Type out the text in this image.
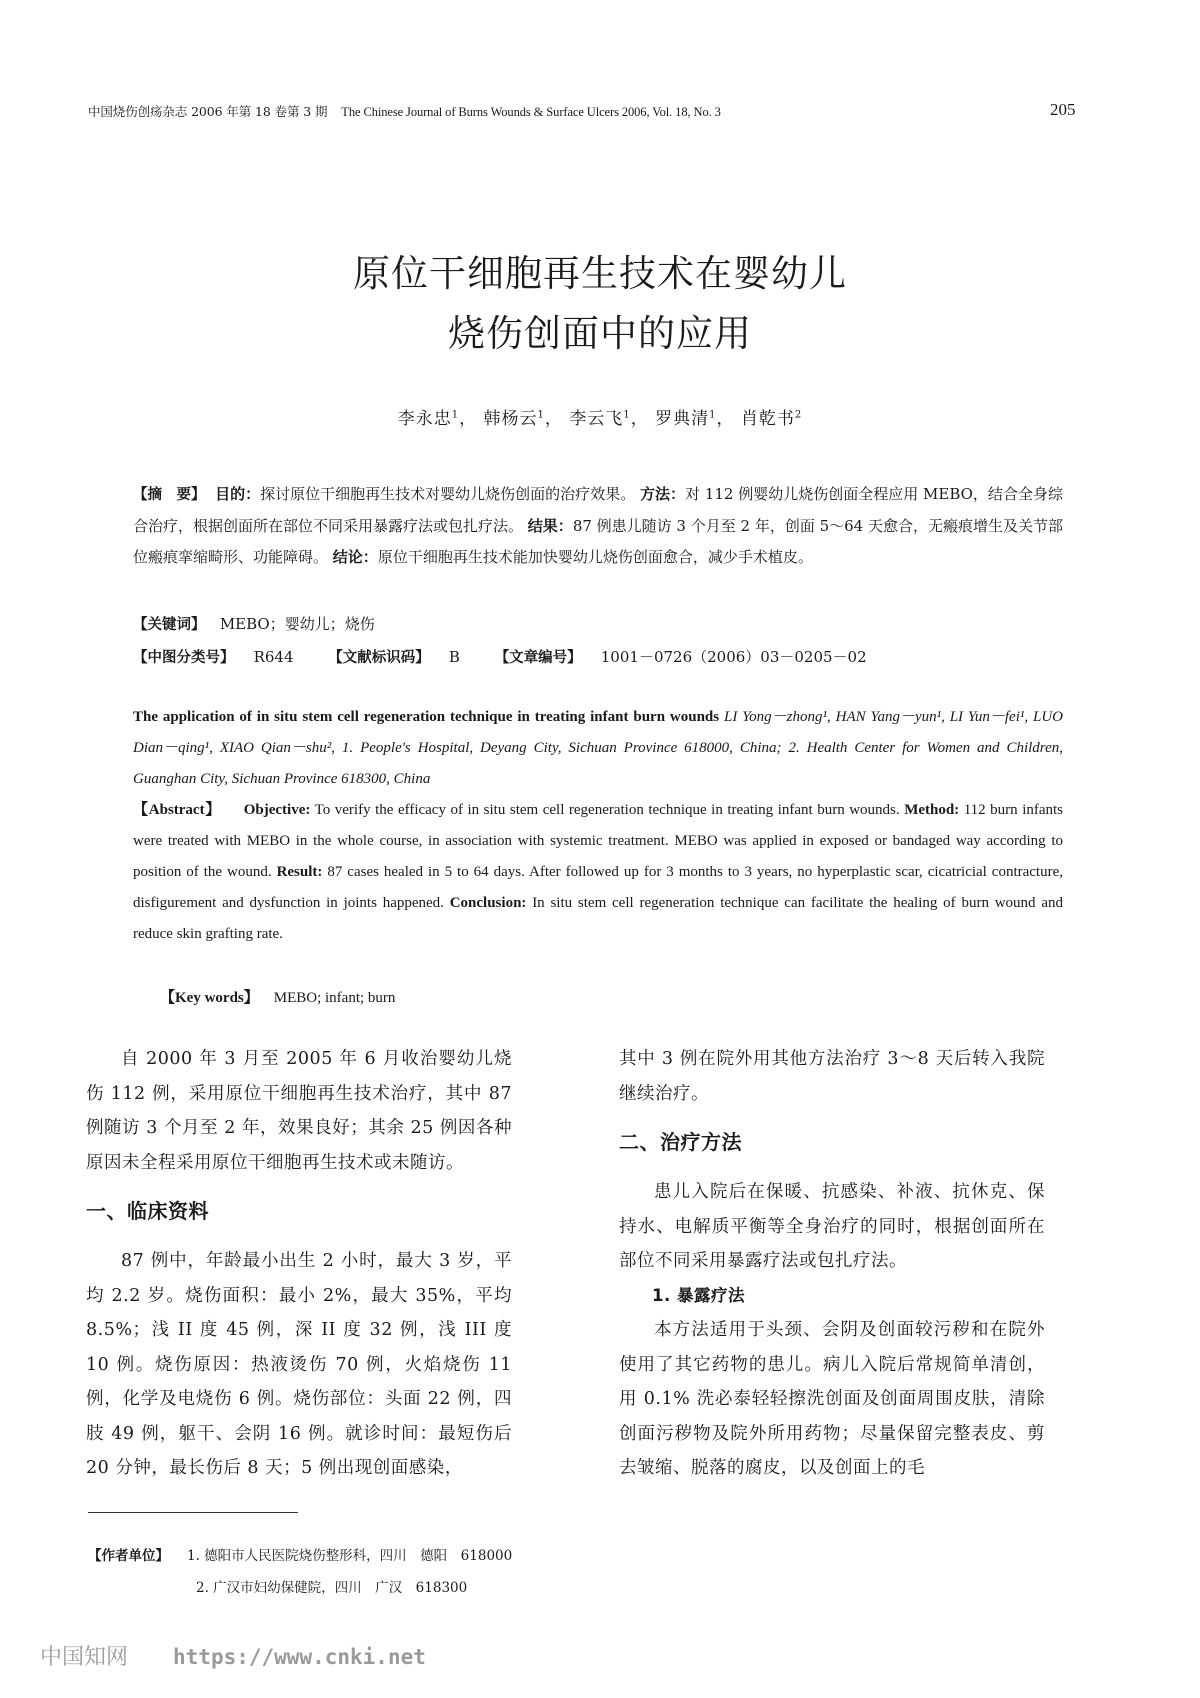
中国烧伤创疡杂志 2006 年第 18 卷第 3 期 The Chinese Journal of Burns Wounds & Surface Ulcers 2006, Vol. 18, No. 3	205
原位干细胞再生技术在婴幼儿
烧伤创面中的应用
李永忠$^1$， 韩杨云$^1$， 李云飞$^1$， 罗典清$^1$， 肖乾书$^2$
【摘　要】 目的：探讨原位干细胞再生技术对婴幼儿烧伤创面的治疗效果。 方法：对 112 例婴幼儿烧伤创面全程应用 MEBO，结合全身综合治疗，根据创面所在部位不同采用暴露疗法或包扎疗法。 结果：87 例患儿随访 3 个月至 2 年，创面 5～64 天愈合，无瘢痕增生及关节部位瘢痕挛缩畸形、功能障碍。 结论：原位干细胞再生技术能加快婴幼儿烧伤创面愈合，减少手术植皮。
【关键词】 MEBO；婴幼儿；烧伤
【中图分类号】 R644 【文献标识码】 B 【文章编号】 1001－0726（2006）03－0205－02
The application of in situ stem cell regeneration technique in treating infant burn wounds LI Yong－zhong¹, HAN Yang－yun¹, LI Yun－fei¹, LUO Dian－qing¹, XIAO Qian－shu², 1. People's Hospital, Deyang City, Sichuan Province 618000, China; 2. Health Center for Women and Children, Guanghan City, Sichuan Province 618300, China
【Abstract】 Objective: To verify the efficacy of in situ stem cell regeneration technique in treating infant burn wounds. Method: 112 burn infants were treated with MEBO in the whole course, in association with systemic treatment. MEBO was applied in exposed or bandaged way according to position of the wound. Result: 87 cases healed in 5 to 64 days. After followed up for 3 months to 3 years, no hyperplastic scar, cicatricial contracture, disfigurement and dysfunction in joints happened. Conclusion: In situ stem cell regeneration technique can facilitate the healing of burn wound and reduce skin grafting rate.
【Key words】 MEBO; infant; burn

自 2000 年 3 月至 2005 年 6 月收治婴幼儿烧伤 112 例，采用原位干细胞再生技术治疗，其中 87 例随访 3 个月至 2 年，效果良好；其余 25 例因各种原因未全程采用原位干细胞再生技术或未随访。

一、临床资料

87 例中，年龄最小出生 2 小时，最大 3 岁，平均 2.2 岁。烧伤面积：最小 2%，最大 35%，平均 8.5%；浅 II 度 45 例，深 II 度 32 例，浅 III 度 10 例。烧伤原因：热液烫伤 70 例，火焰烧伤 11 例，化学及电烧伤 6 例。烧伤部位：头面 22 例，四肢 49 例，躯干、会阴 16 例。就诊时间：最短伤后 20 分钟，最长伤后 8 天；5 例出现创面感染，

其中 3 例在院外用其他方法治疗 3～8 天后转入我院继续治疗。

二、治疗方法

患儿入院后在保暖、抗感染、补液、抗休克、保持水、电解质平衡等全身治疗的同时，根据创面所在部位不同采用暴露疗法或包扎疗法。

1. 暴露疗法

本方法适用于头颈、会阴及创面较污秽和在院外使用了其它药物的患儿。病儿入院后常规简单清创，用 0.1% 洗必泰轻轻擦洗创面及创面周围皮肤，清除创面污秽物及院外所用药物；尽量保留完整表皮、剪去皱缩、脱落的腐皮，以及创面上的毛

【作者单位】 1. 德阳市人民医院烧伤整形科，四川　德阳　618000
2. 广汉市妇幼保健院，四川　广汉　618300
中国知网 https://www.cnki.net
